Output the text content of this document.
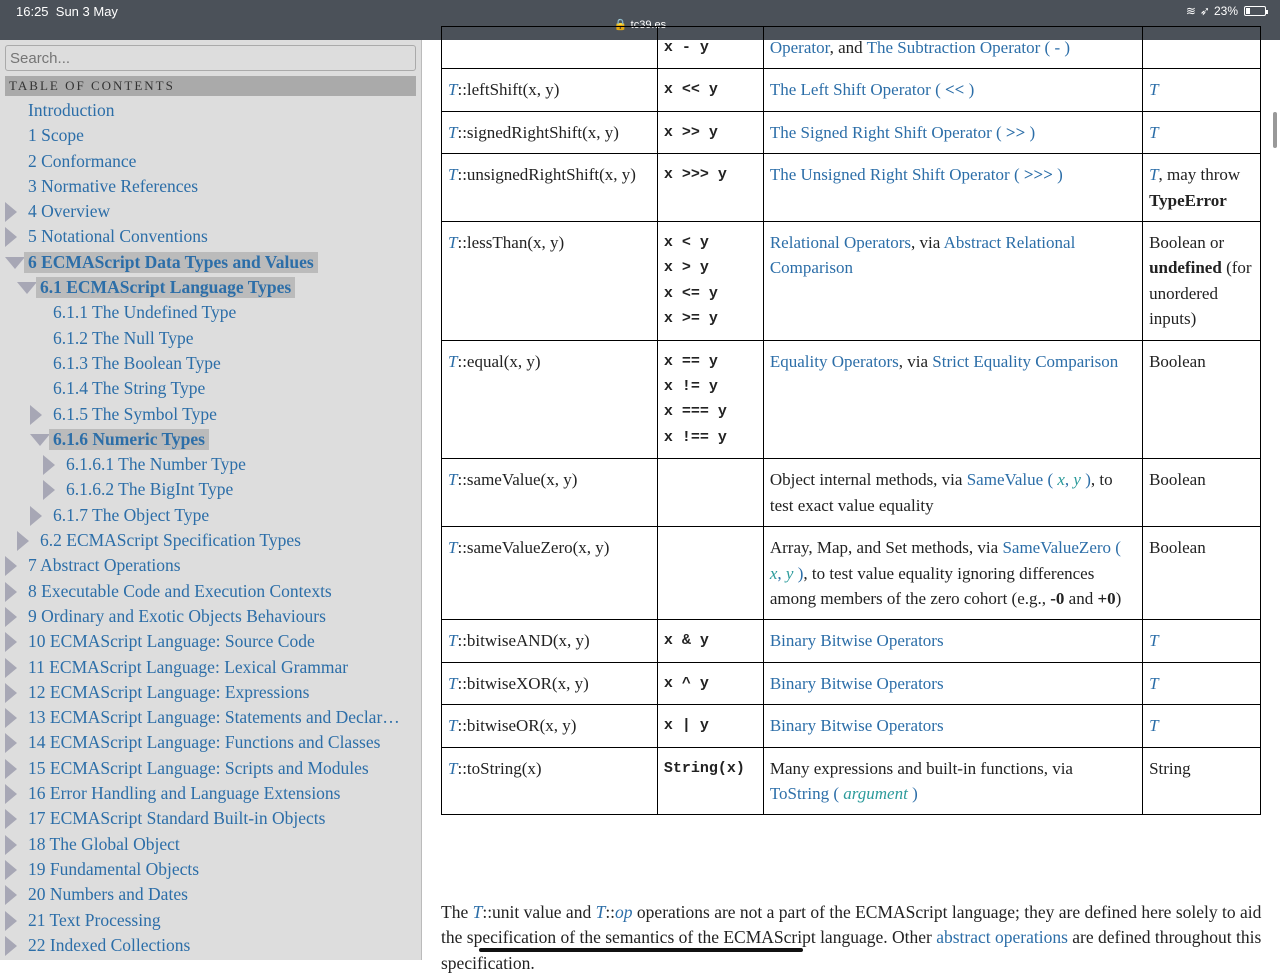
16:25 Sun 3 May
🔒 tc39.es
≋ ➶ 23%
Search...
TABLE OF CONTENTS
Introduction
1 Scope
2 Conformance
3 Normative References
4 Overview
5 Notational Conventions
6 ECMAScript Data Types and Values
6.1 ECMAScript Language Types
6.1.1 The Undefined Type
6.1.2 The Null Type
6.1.3 The Boolean Type
6.1.4 The String Type
6.1.5 The Symbol Type
6.1.6 Numeric Types
6.1.6.1 The Number Type
6.1.6.2 The BigInt Type
6.1.7 The Object Type
6.2 ECMAScript Specification Types
7 Abstract Operations
8 Executable Code and Execution Contexts
9 Ordinary and Exotic Objects Behaviours
10 ECMAScript Language: Source Code
11 ECMAScript Language: Lexical Grammar
12 ECMAScript Language: Expressions
13 ECMAScript Language: Statements and Declar…
14 ECMAScript Language: Functions and Classes
15 ECMAScript Language: Scripts and Modules
16 Error Handling and Language Extensions
17 ECMAScript Standard Built-in Objects
18 The Global Object
19 Fundamental Objects
20 Numbers and Dates
21 Text Processing
22 Indexed Collections

	x - y	Operator, and The Subtraction Operator ( - )	
T::leftShift(x, y)	x << y	The Left Shift Operator ( << )	T
T::signedRightShift(x, y)	x >> y	The Signed Right Shift Operator ( >> )	T
T::unsignedRightShift(x, y)	x >>> y	The Unsigned Right Shift Operator ( >>> )	T, may throw TypeError
T::lessThan(x, y)	x < y
x > y
x <= y
x >= y	Relational Operators, via Abstract Relational Comparison	Boolean or undefined (for unordered inputs)
T::equal(x, y)	x == y
x != y
x === y
x !== y	Equality Operators, via Strict Equality Comparison	Boolean
T::sameValue(x, y)		Object internal methods, via SameValue ( x, y ), to test exact value equality	Boolean
T::sameValueZero(x, y)		Array, Map, and Set methods, via SameValueZero ( x, y ), to test value equality ignoring differences among members of the zero cohort (e.g., -0 and +0)	Boolean
T::bitwiseAND(x, y)	x & y	Binary Bitwise Operators	T
T::bitwiseXOR(x, y)	x ^ y	Binary Bitwise Operators	T
T::bitwiseOR(x, y)	x | y	Binary Bitwise Operators	T
T::toString(x)	String(x)	Many expressions and built-in functions, via ToString ( argument )	String
The T::unit value and T::op operations are not a part of the ECMAScript language; they are defined here solely to aid the specification of the semantics of the ECMAScript language. Other abstract operations are defined throughout this specification.
